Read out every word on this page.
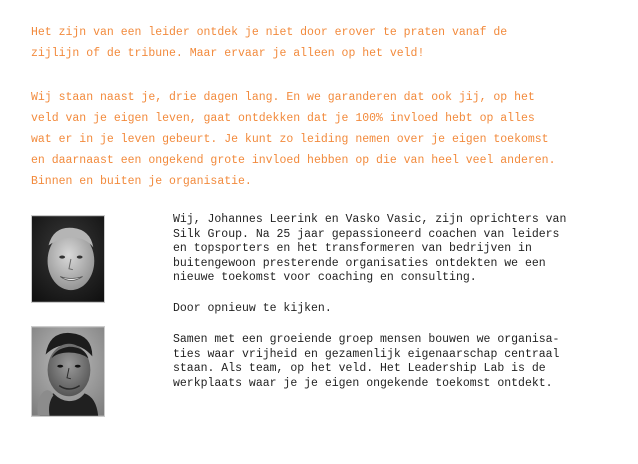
Het zijn van een leider ontdek je niet door erover te praten vanaf de

zijlijn of de tribune. Maar ervaar je alleen op het veld!

Wij staan naast je, drie dagen lang. En we garanderen dat ook jij, op het

veld van je eigen leven, gaat ontdekken dat je 100% invloed hebt op alles

wat er in je leven gebeurt. Je kunt zo leiding nemen over je eigen toekomst

en daarnaast een ongekend grote invloed hebben op die van heel veel anderen.

Binnen en buiten je organisatie.

Wij, Johannes Leerink en Vasko Vasic, zijn oprichters van

Silk Group. Na 25 jaar gepassioneerd coachen van leiders

en topsporters en het transformeren van bedrijven in

buitengewoon presterende organisaties ontdekten we een

nieuwe toekomst voor coaching en consulting.

Door opnieuw te kijken.

Samen met een groeiende groep mensen bouwen we organisa-

ties waar vrijheid en gezamenlijk eigenaarschap centraal

staan. Als team, op het veld. Het Leadership Lab is de

werkplaats waar je je eigen ongekende toekomst ontdekt.
